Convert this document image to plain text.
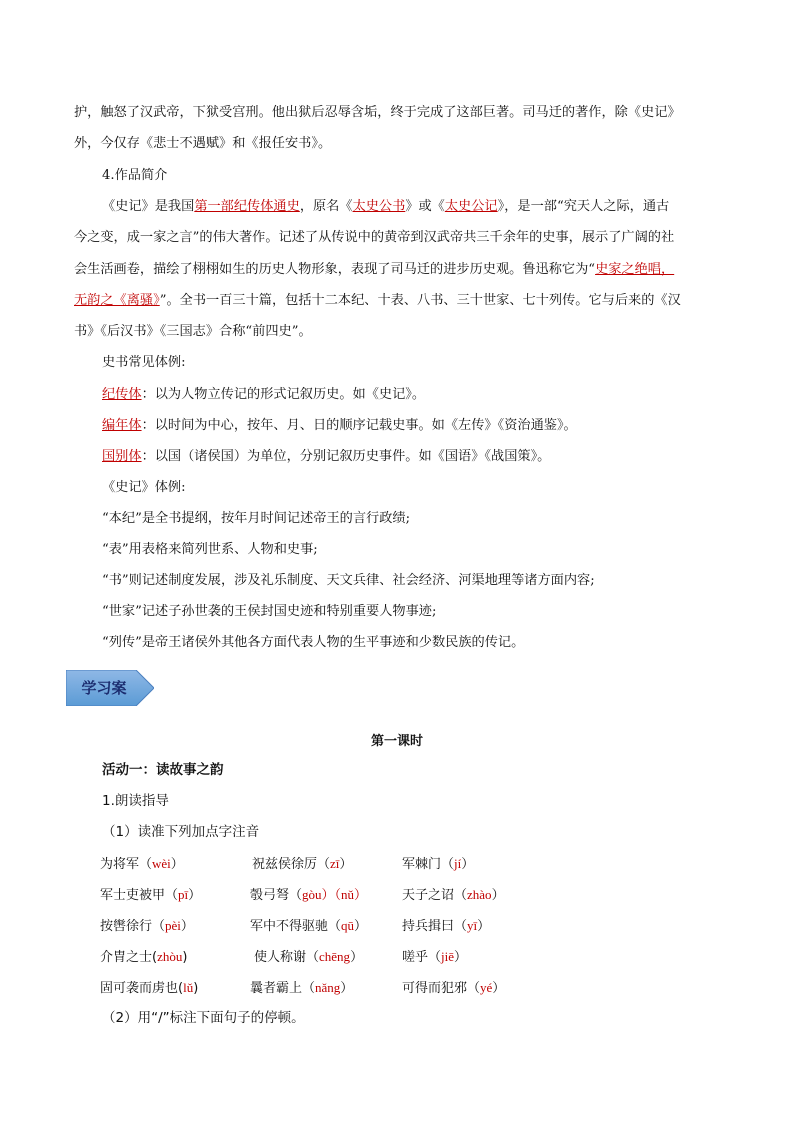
护，触怒了汉武帝，下狱受宫刑。他出狱后忍辱含垢，终于完成了这部巨著。司马迁的著作，除《史记》
外，今仅存《悲士不遇赋》和《报任安书》。
4.作品简介
《史记》是我国第一部纪传体通史，原名《太史公书》或《太史公记》，是一部“究天人之际，通古
今之变，成一家之言”的伟大著作。记述了从传说中的黄帝到汉武帝共三千余年的史事，展示了广阔的社
会生活画卷，描绘了栩栩如生的历史人物形象，表现了司马迁的进步历史观。鲁迅称它为“史家之绝唱，
无韵之《离骚》”。全书一百三十篇，包括十二本纪、十表、八书、三十世家、七十列传。它与后来的《汉
书》《后汉书》《三国志》合称“前四史”。
史书常见体例:
纪传体：以为人物立传记的形式记叙历史。如《史记》。
编年体：以时间为中心，按年、月、日的顺序记载史事。如《左传》《资治通鉴》。
国别体：以国（诸侯国）为单位，分别记叙历史事件。如《国语》《战国策》。
《史记》体例:
“本纪”是全书提纲，按年月时间记述帝王的言行政绩;
“表”用表格来简列世系、人物和史事;
“书”则记述制度发展，涉及礼乐制度、天文兵律、社会经济、河渠地理等诸方面内容;
“世家”记述子孙世袭的王侯封国史迹和特别重要人物事迹;
“列传”是帝王诸侯外其他各方面代表人物的生平事迹和少数民族的传记。
学习案
第一课时
活动一：读故事之韵
1.朗读指导
（1）读准下列加点字注音
为将军（wèi）	祝兹侯徐厉（zī）	军棘门（jí）
军士吏被甲（pī）	彀弓弩（gòu）（nǔ）	天子之诏（zhào）
按辔徐行（pèi）	军中不得驱驰（qū）	持兵揖曰（yī）
介胄之士(zhòu)	使人称谢（chēng）	嗟乎（jiē）
固可袭而虏也(lǔ)	曩者霸上（nǎng）	可得而犯邪（yé）
（2）用“/”标注下面句子的停顿。
